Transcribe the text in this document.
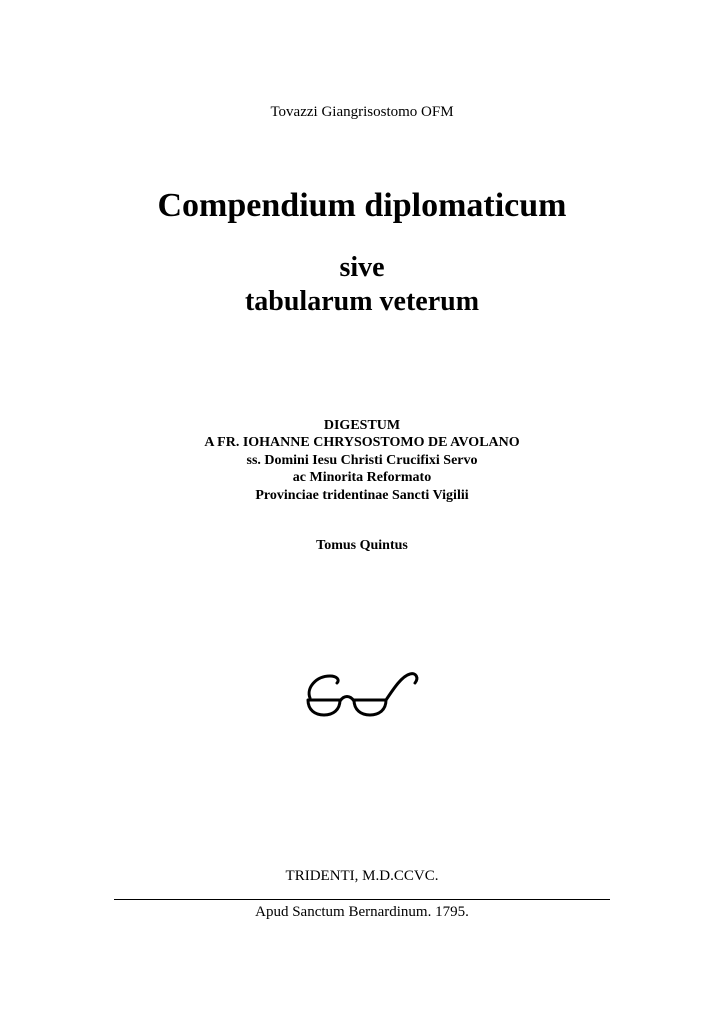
Tovazzi Giangrisostomo OFM
Compendium diplomaticum
sive
tabularum veterum
DIGESTUM
A FR. IOHANNE CHRYSOSTOMO DE AVOLANO
ss. Domini Iesu Christi Crucifixi Servo
ac Minorita Reformato
Provinciae tridentinae Sancti Vigilii
Tomus Quintus
TRIDENTI, M.D.CCVC.
Apud Sanctum Bernardinum. 1795.
